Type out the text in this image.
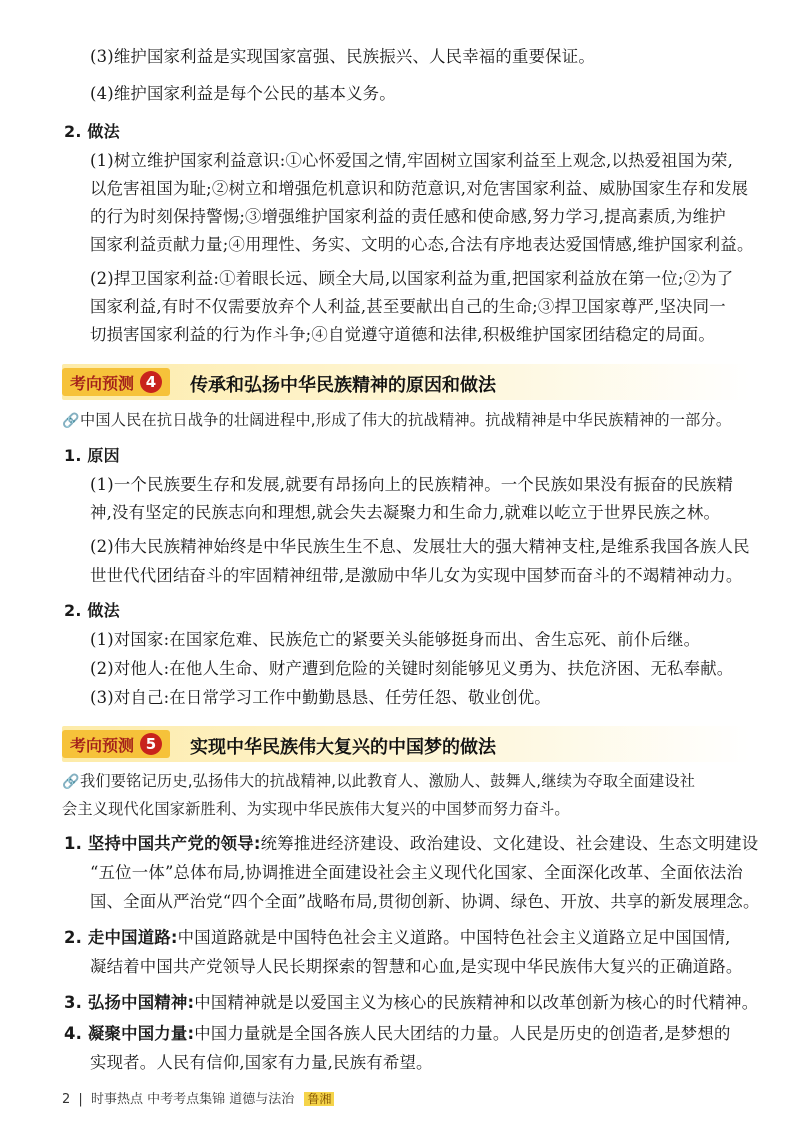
(3)维护国家利益是实现国家富强、民族振兴、人民幸福的重要保证。
(4)维护国家利益是每个公民的基本义务。
2. 做法
(1)树立维护国家利益意识:①心怀爱国之情,牢固树立国家利益至上观念,以热爱祖国为荣,
以危害祖国为耻;②树立和增强危机意识和防范意识,对危害国家利益、威胁国家生存和发展
的行为时刻保持警惕;③增强维护国家利益的责任感和使命感,努力学习,提高素质,为维护
国家利益贡献力量;④用理性、务实、文明的心态,合法有序地表达爱国情感,维护国家利益。
(2)捍卫国家利益:①着眼长远、顾全大局,以国家利益为重,把国家利益放在第一位;②为了
国家利益,有时不仅需要放弃个人利益,甚至要献出自己的生命;③捍卫国家尊严,坚决同一
切损害国家利益的行为作斗争;④自觉遵守道德和法律,积极维护国家团结稳定的局面。
考向预测 4	传承和弘扬中华民族精神的原因和做法
🔗中国人民在抗日战争的壮阔进程中,形成了伟大的抗战精神。抗战精神是中华民族精神的一部分。
1. 原因
(1)一个民族要生存和发展,就要有昂扬向上的民族精神。一个民族如果没有振奋的民族精
神,没有坚定的民族志向和理想,就会失去凝聚力和生命力,就难以屹立于世界民族之林。
(2)伟大民族精神始终是中华民族生生不息、发展壮大的强大精神支柱,是维系我国各族人民
世世代代团结奋斗的牢固精神纽带,是激励中华儿女为实现中国梦而奋斗的不竭精神动力。
2. 做法
(1)对国家:在国家危难、民族危亡的紧要关头能够挺身而出、舍生忘死、前仆后继。
(2)对他人:在他人生命、财产遭到危险的关键时刻能够见义勇为、扶危济困、无私奉献。
(3)对自己:在日常学习工作中勤勤恳恳、任劳任怨、敬业创优。
考向预测 5	实现中华民族伟大复兴的中国梦的做法
🔗我们要铭记历史,弘扬伟大的抗战精神,以此教育人、激励人、鼓舞人,继续为夺取全面建设社
会主义现代化国家新胜利、为实现中华民族伟大复兴的中国梦而努力奋斗。
1. 坚持中国共产党的领导:统筹推进经济建设、政治建设、文化建设、社会建设、生态文明建设
“五位一体”总体布局,协调推进全面建设社会主义现代化国家、全面深化改革、全面依法治
国、全面从严治党“四个全面”战略布局,贯彻创新、协调、绿色、开放、共享的新发展理念。
2. 走中国道路:中国道路就是中国特色社会主义道路。中国特色社会主义道路立足中国国情,
凝结着中国共产党领导人民长期探索的智慧和心血,是实现中华民族伟大复兴的正确道路。
3. 弘扬中国精神:中国精神就是以爱国主义为核心的民族精神和以改革创新为核心的时代精神。
4. 凝聚中国力量:中国力量就是全国各族人民大团结的力量。人民是历史的创造者,是梦想的
实现者。人民有信仰,国家有力量,民族有希望。
2 | 时事热点 中考考点集锦 道德与法治 鲁湘
